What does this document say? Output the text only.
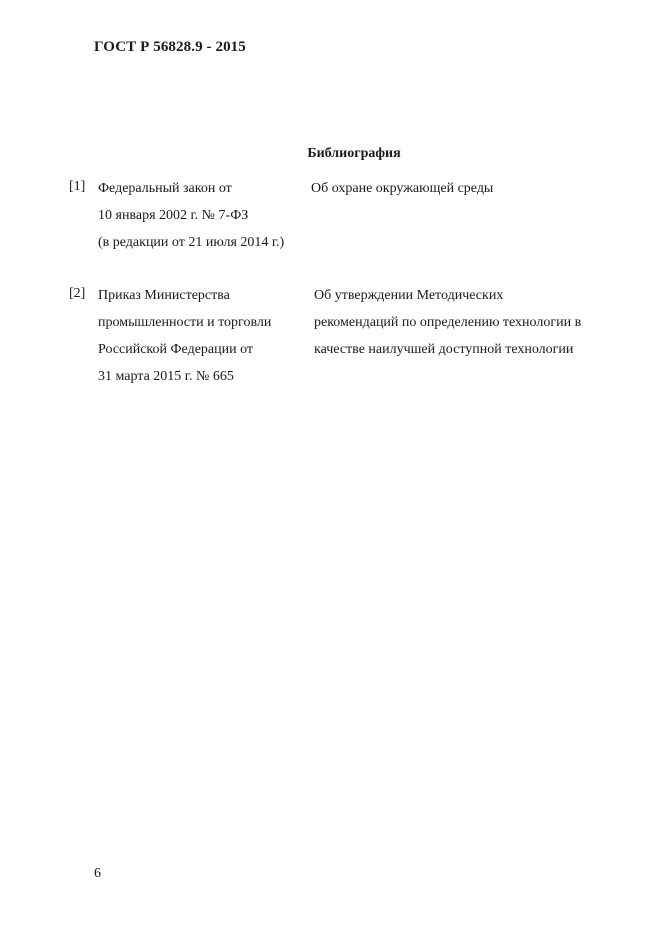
ГОСТ Р 56828.9 - 2015
Библиография
[1] Федеральный закон от
10 января 2002 г. № 7-ФЗ
(в редакции от 21 июля 2014 г.)
Об охране окружающей среды
[2] Приказ Министерства
промышленности и торговли
Российской Федерации от
31 марта 2015 г. № 665
Об утверждении Методических
рекомендаций по определению технологии в
качестве наилучшей доступной технологии
6
